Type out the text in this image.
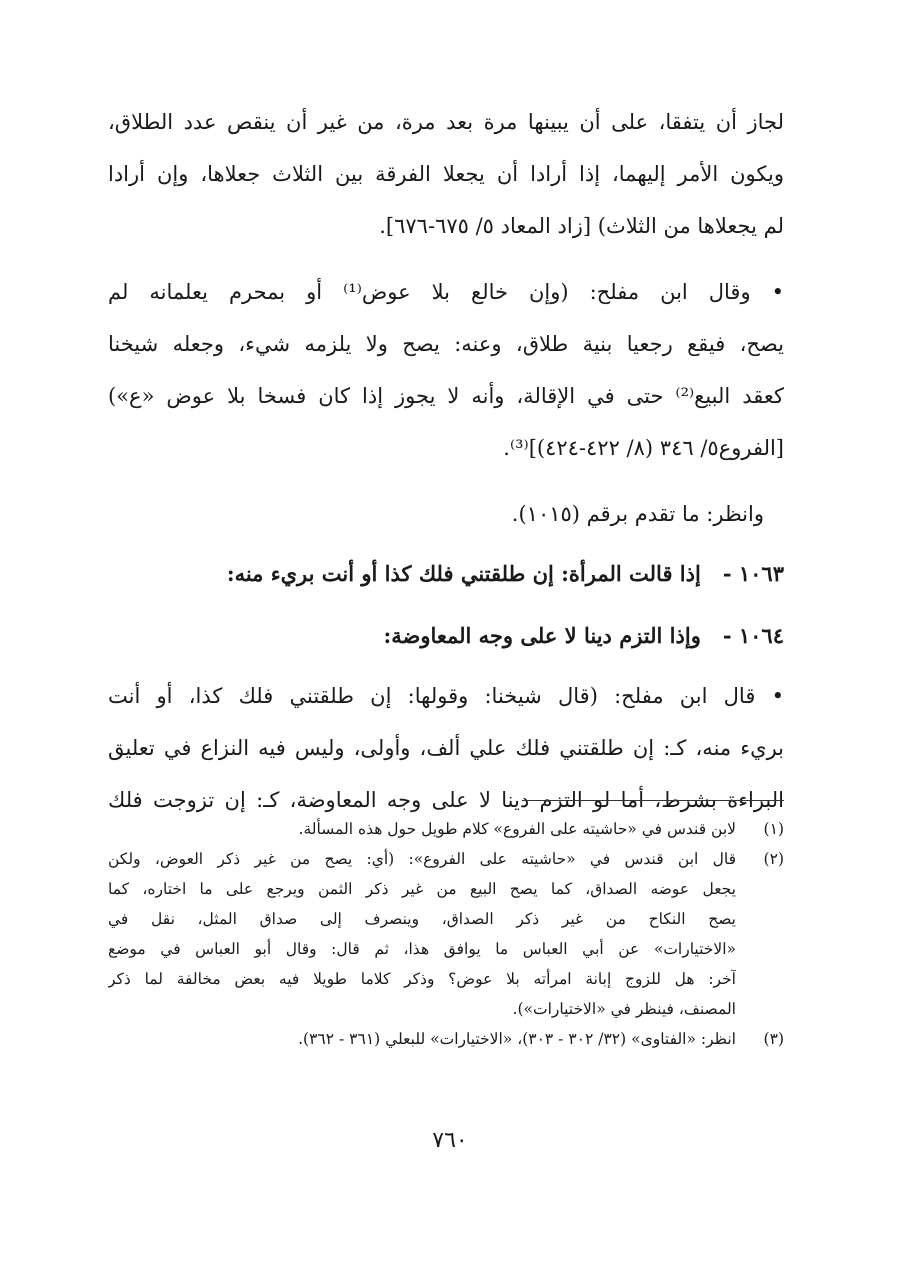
لجاز أن يتفقا، على أن يبينها مرة بعد مرة، من غير أن ينقص عدد الطلاق،
ويكون الأمر إليهما، إذا أرادا أن يجعلا الفرقة بين الثلاث جعلاها، وإن أرادا
لم يجعلاها من الثلاث) [زاد المعاد ٥/ ٦٧٥-٦٧٦].
• وقال ابن مفلح: (وإن خالع بلا عوض⁽¹⁾ أو بمحرم يعلمانه لم
يصح، فيقع رجعيا بنية طلاق، وعنه: يصح ولا يلزمه شيء، وجعله شيخنا
كعقد البيع⁽²⁾ حتى في الإقالة، وأنه لا يجوز إذا كان فسخا بلا عوض «ع»)
[الفروع٥/ ٣٤٦ (٨/ ٤٢٢-٤٢٤)]⁽³⁾.
وانظر: ما تقدم برقم (١٠١٥).
١٠٦٣ -إذا قالت المرأة: إن طلقتني فلك كذا أو أنت بريء منه:
١٠٦٤ -وإذا التزم دينا لا على وجه المعاوضة:
• قال ابن مفلح: (قال شيخنا: وقولها: إن طلقتني فلك كذا، أو أنت
بريء منه، كـ: إن طلقتني فلك علي ألف، وأولى، وليس فيه النزاع في تعليق
البراءة بشرط، أما لو التزم دينا لا على وجه المعاوضة، كـ: إن تزوجت فلك
(١)
لابن قندس في «حاشيته على الفروع» كلام طويل حول هذه المسألة.
(٢)
قال ابن قندس في «حاشيته على الفروع»: (أي: يصح من غير ذكر العوض، ولكن
يجعل عوضه الصداق، كما يصح البيع من غير ذكر الثمن ويرجع على ما اختاره، كما
يصح النكاح من غير ذكر الصداق، وينصرف إلى صداق المثل، نقل في
«الاختيارات» عن أبي العباس ما يوافق هذا، ثم قال: وقال أبو العباس في موضع
آخر: هل للزوج إبانة امرأته بلا عوض؟ وذكر كلاما طويلا فيه بعض مخالفة لما ذكر
المصنف، فينظر في «الاختيارات»).
(٣)
انظر: «الفتاوى» (٣٢/ ٣٠٢ - ٣٠٣)، «الاختيارات» للبعلي (٣٦١ - ٣٦٢).
٧٦٠
